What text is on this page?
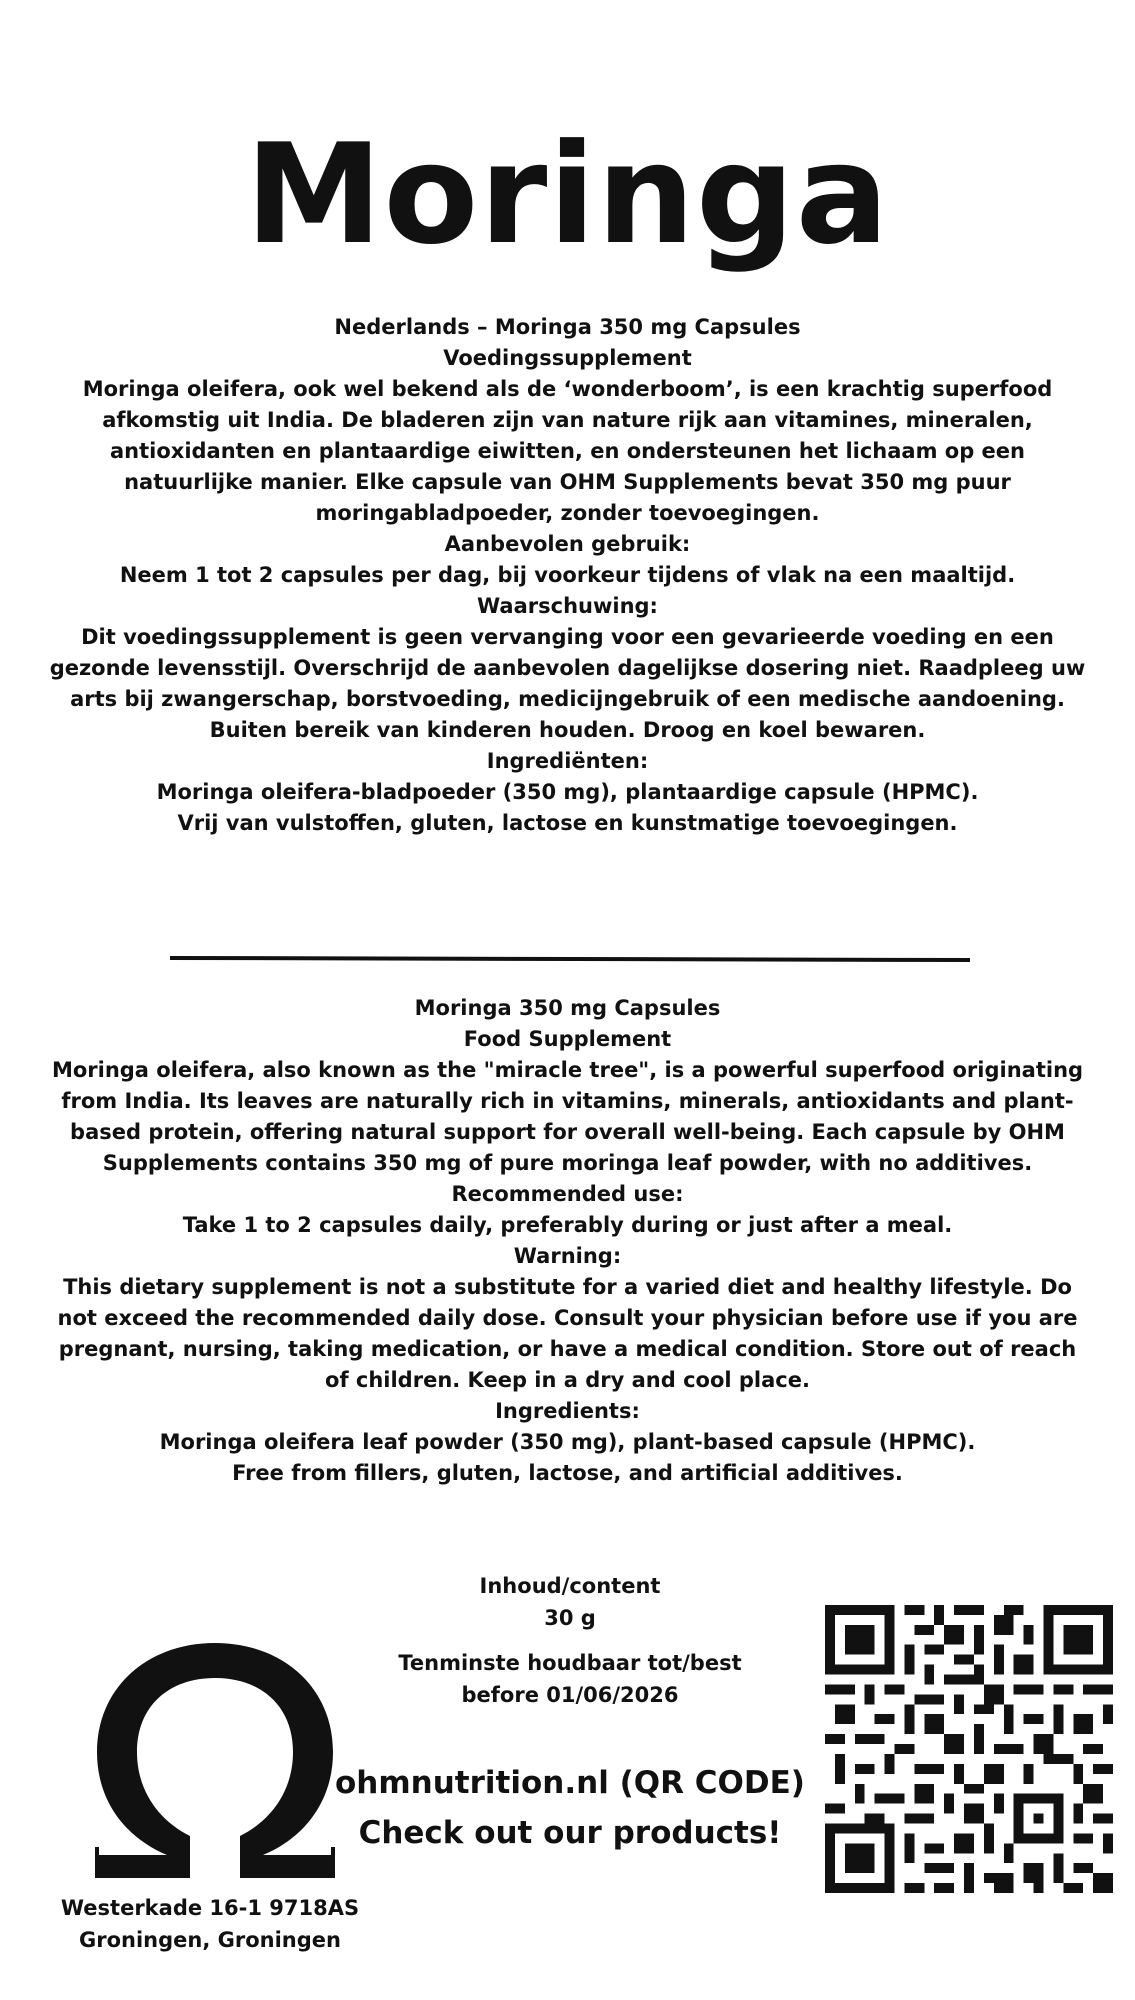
Moringa
Nederlands – Moringa 350 mg Capsules
Voedingssupplement
Moringa oleifera, ook wel bekend als de ‘wonderboom’, is een krachtig superfood afkomstig uit India. De bladeren zijn van nature rijk aan vitamines, mineralen, antioxidanten en plantaardige eiwitten, en ondersteunen het lichaam op een natuurlijke manier. Elke capsule van OHM Supplements bevat 350 mg puur moringabladpoeder, zonder toevoegingen.
Aanbevolen gebruik:
Neem 1 tot 2 capsules per dag, bij voorkeur tijdens of vlak na een maaltijd.
Waarschuwing:
Dit voedingssupplement is geen vervanging voor een gevarieerde voeding en een gezonde levensstijl. Overschrijd de aanbevolen dagelijkse dosering niet. Raadpleeg uw arts bij zwangerschap, borstvoeding, medicijngebruik of een medische aandoening. Buiten bereik van kinderen houden. Droog en koel bewaren.
Ingrediënten:
Moringa oleifera-bladpoeder (350 mg), plantaardige capsule (HPMC).
Vrij van vulstoffen, gluten, lactose en kunstmatige toevoegingen.
Moringa 350 mg Capsules
Food Supplement
Moringa oleifera, also known as the "miracle tree", is a powerful superfood originating from India. Its leaves are naturally rich in vitamins, minerals, antioxidants and plant-based protein, offering natural support for overall well-being. Each capsule by OHM Supplements contains 350 mg of pure moringa leaf powder, with no additives.
Recommended use:
Take 1 to 2 capsules daily, preferably during or just after a meal.
Warning:
This dietary supplement is not a substitute for a varied diet and healthy lifestyle. Do not exceed the recommended daily dose. Consult your physician before use if you are pregnant, nursing, taking medication, or have a medical condition. Store out of reach of children. Keep in a dry and cool place.
Ingredients:
Moringa oleifera leaf powder (350 mg), plant-based capsule (HPMC).
Free from fillers, gluten, lactose, and artificial additives.
Inhoud/content
30 g
Tenminste houdbaar tot/best
before 01/06/2026
ohmnutrition.nl (QR CODE)
Check out our products!
Westerkade 16-1 9718AS
Groningen, Groningen
